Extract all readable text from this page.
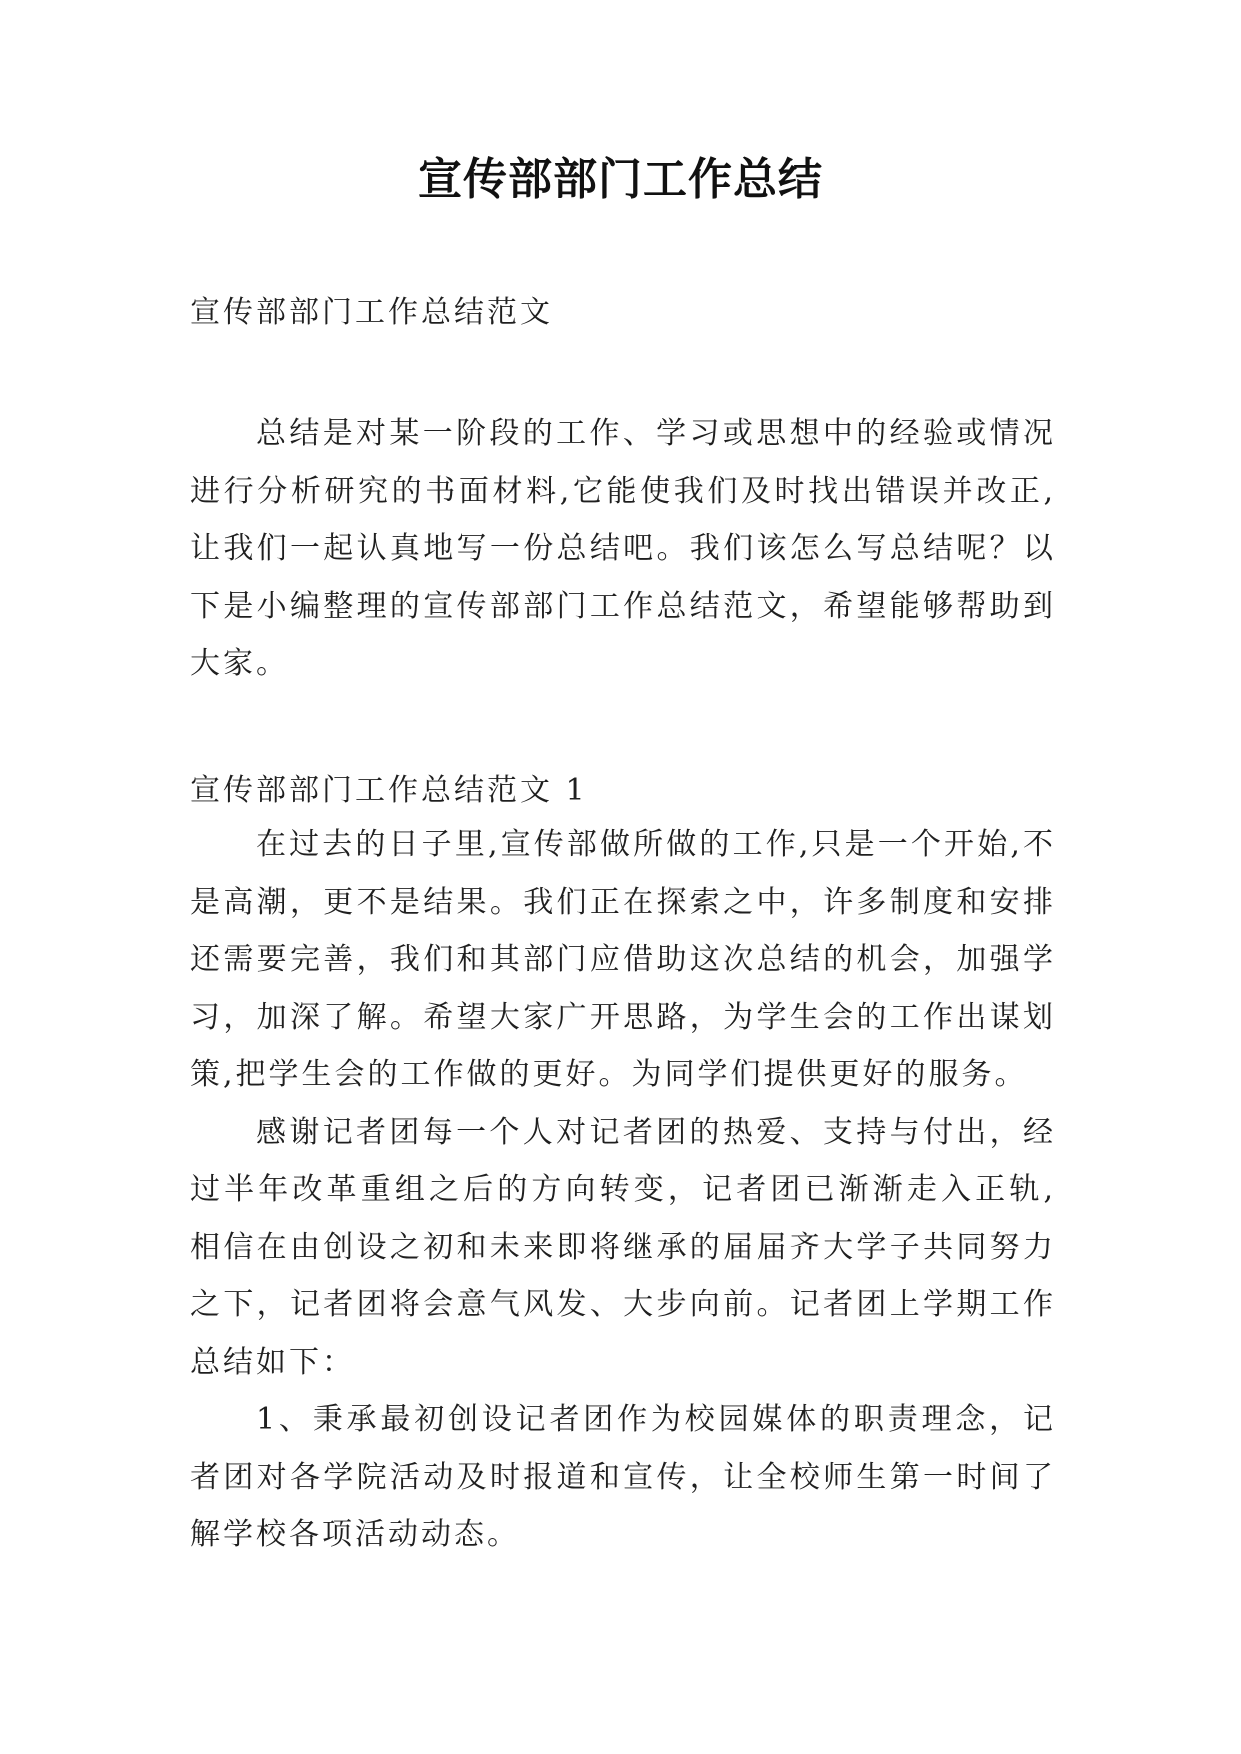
宣传部部门工作总结
宣传部部门工作总结范文
总结是对某一阶段的工作、学习或思想中的经验或情况进行分析研究的书面材料,它能使我们及时找出错误并改正,让我们一起认真地写一份总结吧。我们该怎么写总结呢？以下是小编整理的宣传部部门工作总结范文，希望能够帮助到大家。
宣传部部门工作总结范文 1

在过去的日子里,宣传部做所做的工作,只是一个开始,不是高潮，更不是结果。我们正在探索之中，许多制度和安排还需要完善，我们和其部门应借助这次总结的机会，加强学习，加深了解。希望大家广开思路，为学生会的工作出谋划策,把学生会的工作做的更好。为同学们提供更好的服务。

感谢记者团每一个人对记者团的热爱、支持与付出，经过半年改革重组之后的方向转变，记者团已渐渐走入正轨,相信在由创设之初和未来即将继承的届届齐大学子共同努力之下，记者团将会意气风发、大步向前。记者团上学期工作总结如下：

1、秉承最初创设记者团作为校园媒体的职责理念，记者团对各学院活动及时报道和宣传，让全校师生第一时间了解学校各项活动动态。
